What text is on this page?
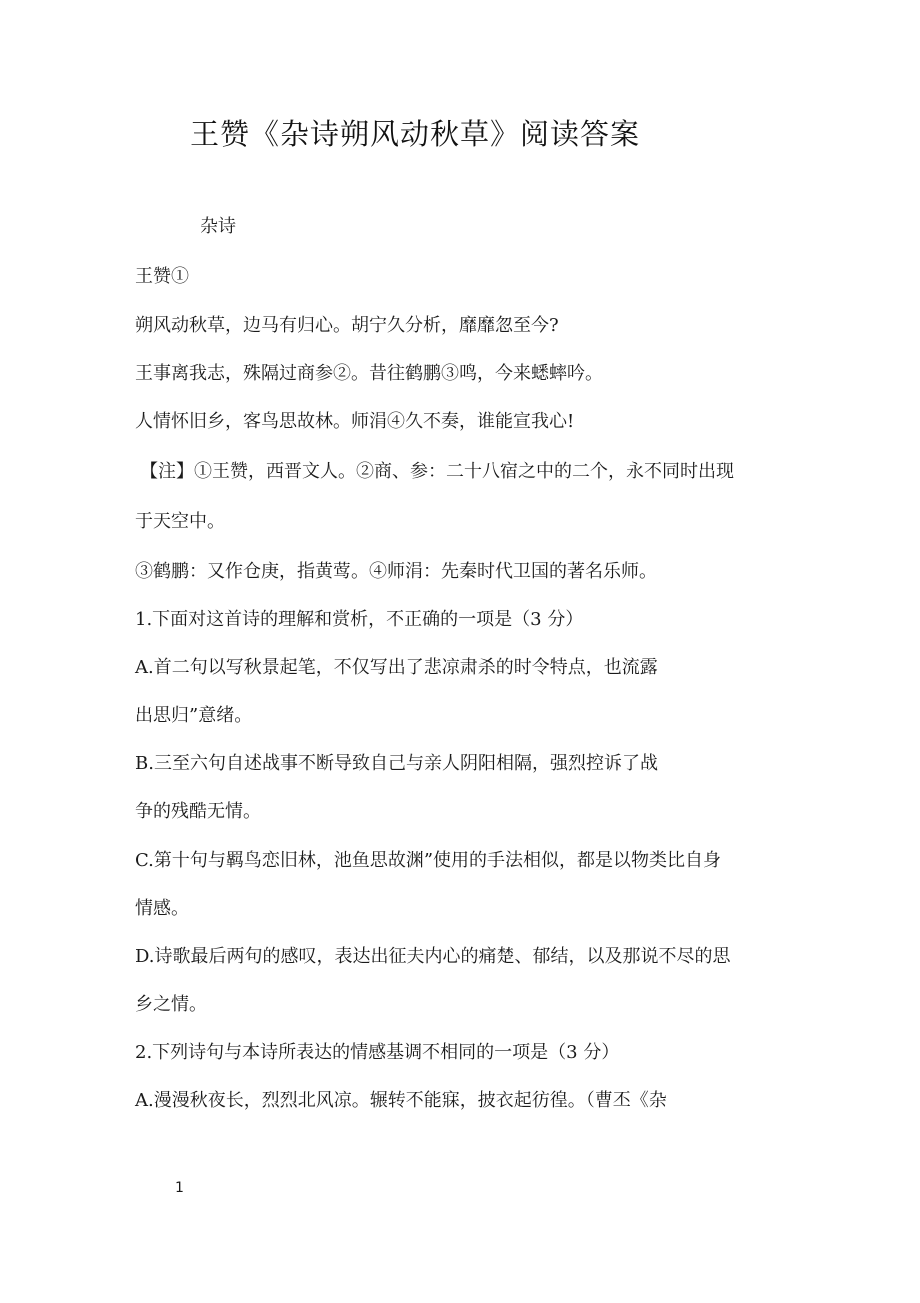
王赞《杂诗朔风动秋草》阅读答案
杂诗
王赞①
朔风动秋草，边马有归心。胡宁久分析，靡靡忽至今?
王事离我志，殊隔过商参②。昔往鹤鹏③鸣，今来蟋蟀吟。
人情怀旧乡，客鸟思故林。师涓④久不奏，谁能宣我心!
【注】①王赞，西晋文人。②商、参：二十八宿之中的二个，永不同时出现
于天空中。
③鹤鹏：又作仓庚，指黄莺。④师涓：先秦时代卫国的著名乐师。
1.下面对这首诗的理解和赏析，不正确的一项是（3 分）
A.首二句以写秋景起笔，不仅写出了悲凉肃杀的时令特点，也流露
出思归”意绪。
B.三至六句自述战事不断导致自己与亲人阴阳相隔，强烈控诉了战
争的残酷无情。
C.第十句与羁鸟恋旧林，池鱼思故渊”使用的手法相似，都是以物类比自身
情感。
D.诗歌最后两句的感叹，表达出征夫内心的痛楚、郁结，以及那说不尽的思
乡之情。
2.下列诗句与本诗所表达的情感基调不相同的一项是（3 分）
A.漫漫秋夜长，烈烈北风凉。辗转不能寐，披衣起彷徨。（曹丕《杂
1
